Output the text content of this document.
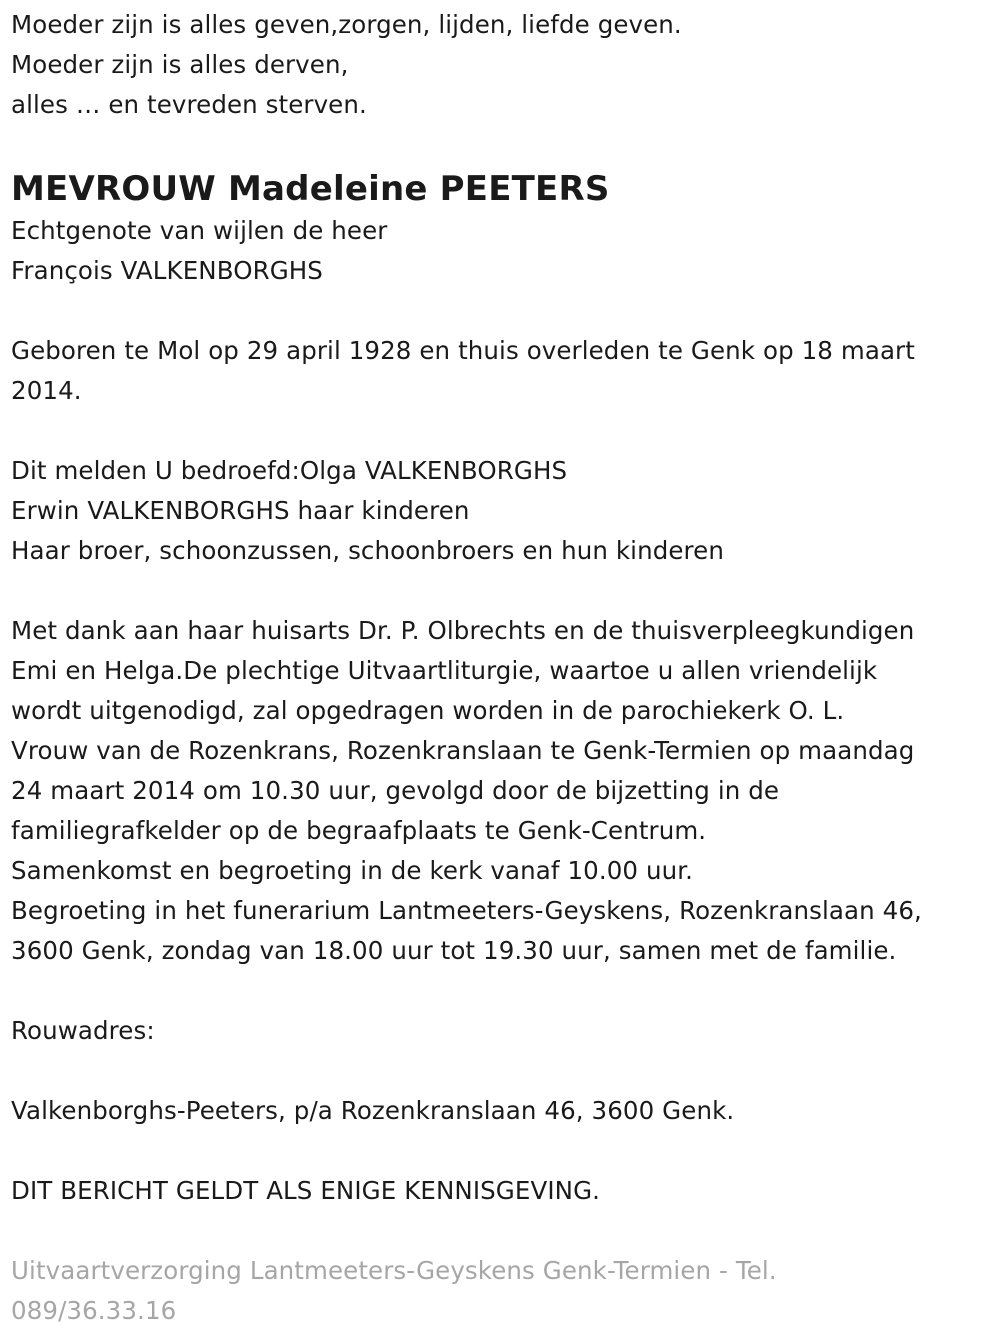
Moeder zijn is alles geven,zorgen, lijden, liefde geven.
Moeder zijn is alles derven,
alles … en tevreden sterven.
MEVROUW Madeleine PEETERS
Echtgenote van wijlen de heer
François VALKENBORGHS
Geboren te Mol op 29 april 1928 en thuis overleden te Genk op 18 maart
2014.
Dit melden U bedroefd:Olga VALKENBORGHS
Erwin VALKENBORGHS haar kinderen
Haar broer, schoonzussen, schoonbroers en hun kinderen
Met dank aan haar huisarts Dr. P. Olbrechts en de thuisverpleegkundigen
Emi en Helga.De plechtige Uitvaartliturgie, waartoe u allen vriendelijk
wordt uitgenodigd, zal opgedragen worden in de parochiekerk O. L.
Vrouw van de Rozenkrans, Rozenkranslaan te Genk-Termien op maandag
24 maart 2014 om 10.30 uur, gevolgd door de bijzetting in de
familiegrafkelder op de begraafplaats te Genk-Centrum.
Samenkomst en begroeting in de kerk vanaf 10.00 uur.
Begroeting in het funerarium Lantmeeters-Geyskens, Rozenkranslaan 46,
3600 Genk, zondag van 18.00 uur tot 19.30 uur, samen met de familie.
Rouwadres:
Valkenborghs-Peeters, p/a Rozenkranslaan 46, 3600 Genk.
DIT BERICHT GELDT ALS ENIGE KENNISGEVING.
Uitvaartverzorging Lantmeeters-Geyskens Genk-Termien - Tel.
089/36.33.16
